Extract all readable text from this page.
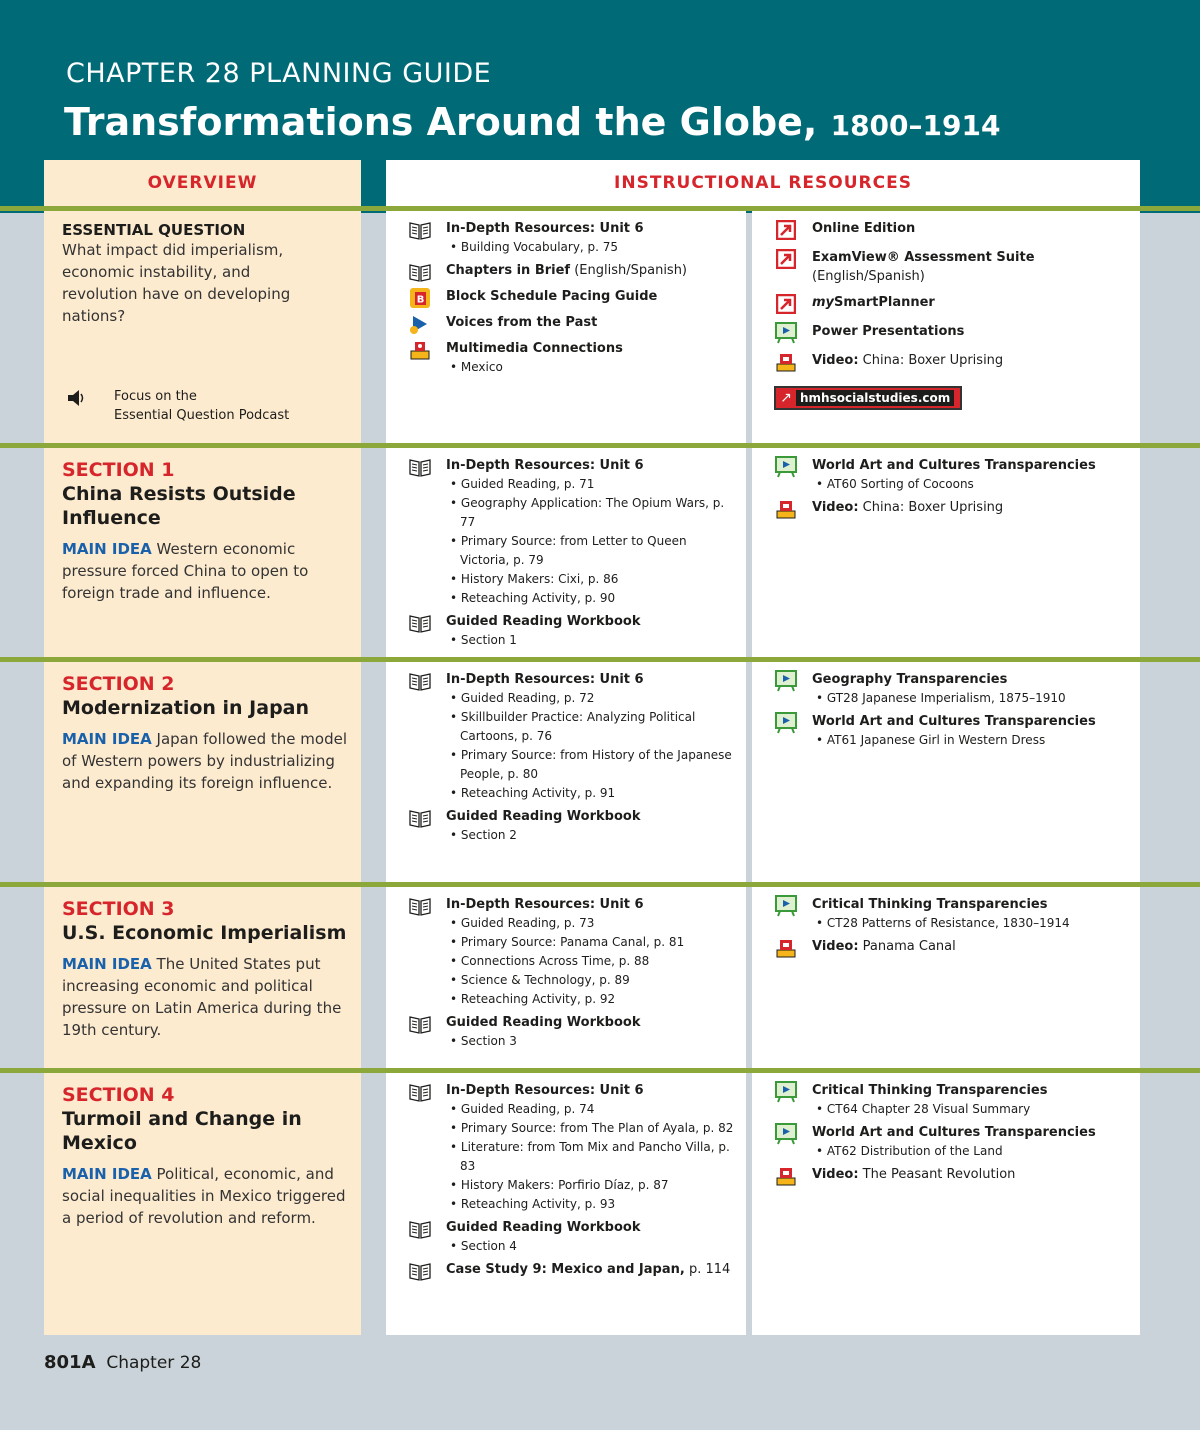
CHAPTER 28 PLANNING GUIDE
Transformations Around the Globe, 1800–1914
OVERVIEW	INSTRUCTIONAL RESOURCES
ESSENTIAL QUESTION
What impact did imperialism, economic instability, and revolution have on developing nations?
Focus on the
Essential Question Podcast
In-Depth Resources: Unit 6
• Building Vocabulary, p. 75
Chapters in Brief (English/Spanish)
B Block Schedule Pacing Guide
Voices from the Past
Multimedia Connections
• Mexico
Online Edition
ExamView® Assessment Suite (English/Spanish)
mySmartPlanner
Power Presentations
Video: China: Boxer Uprising
↗ hmhsocialstudies.com
SECTION 1
China Resists Outside
Influence
MAIN IDEA Western economic pressure forced China to open to foreign trade and influence.
In-Depth Resources: Unit 6
• Guided Reading, p. 71
• Geography Application: The Opium Wars, p. 77
• Primary Source: from Letter to Queen Victoria, p. 79
• History Makers: Cixi, p. 86
• Reteaching Activity, p. 90
Guided Reading Workbook
• Section 1
World Art and Cultures Transparencies
• AT60 Sorting of Cocoons
Video: China: Boxer Uprising
SECTION 2
Modernization in Japan
MAIN IDEA Japan followed the model of Western powers by industrializing and expanding its foreign influence.
In-Depth Resources: Unit 6
• Guided Reading, p. 72
• Skillbuilder Practice: Analyzing Political Cartoons, p. 76
• Primary Source: from History of the Japanese People, p. 80
• Reteaching Activity, p. 91
Guided Reading Workbook
• Section 2
Geography Transparencies
• GT28 Japanese Imperialism, 1875–1910
World Art and Cultures Transparencies
• AT61 Japanese Girl in Western Dress
SECTION 3
U.S. Economic Imperialism
MAIN IDEA The United States put increasing economic and political pressure on Latin America during the 19th century.
In-Depth Resources: Unit 6
• Guided Reading, p. 73
• Primary Source: Panama Canal, p. 81
• Connections Across Time, p. 88
• Science & Technology, p. 89
• Reteaching Activity, p. 92
Guided Reading Workbook
• Section 3
Critical Thinking Transparencies
• CT28 Patterns of Resistance, 1830–1914
Video: Panama Canal
SECTION 4
Turmoil and Change in
Mexico
MAIN IDEA Political, economic, and social inequalities in Mexico triggered a period of revolution and reform.
In-Depth Resources: Unit 6
• Guided Reading, p. 74
• Primary Source: from The Plan of Ayala, p. 82
• Literature: from Tom Mix and Pancho Villa, p. 83
• History Makers: Porfirio Díaz, p. 87
• Reteaching Activity, p. 93
Guided Reading Workbook
• Section 4
Case Study 9: Mexico and Japan, p. 114
Critical Thinking Transparencies
• CT64 Chapter 28 Visual Summary
World Art and Cultures Transparencies
• AT62 Distribution of the Land
Video: The Peasant Revolution
801A Chapter 28
